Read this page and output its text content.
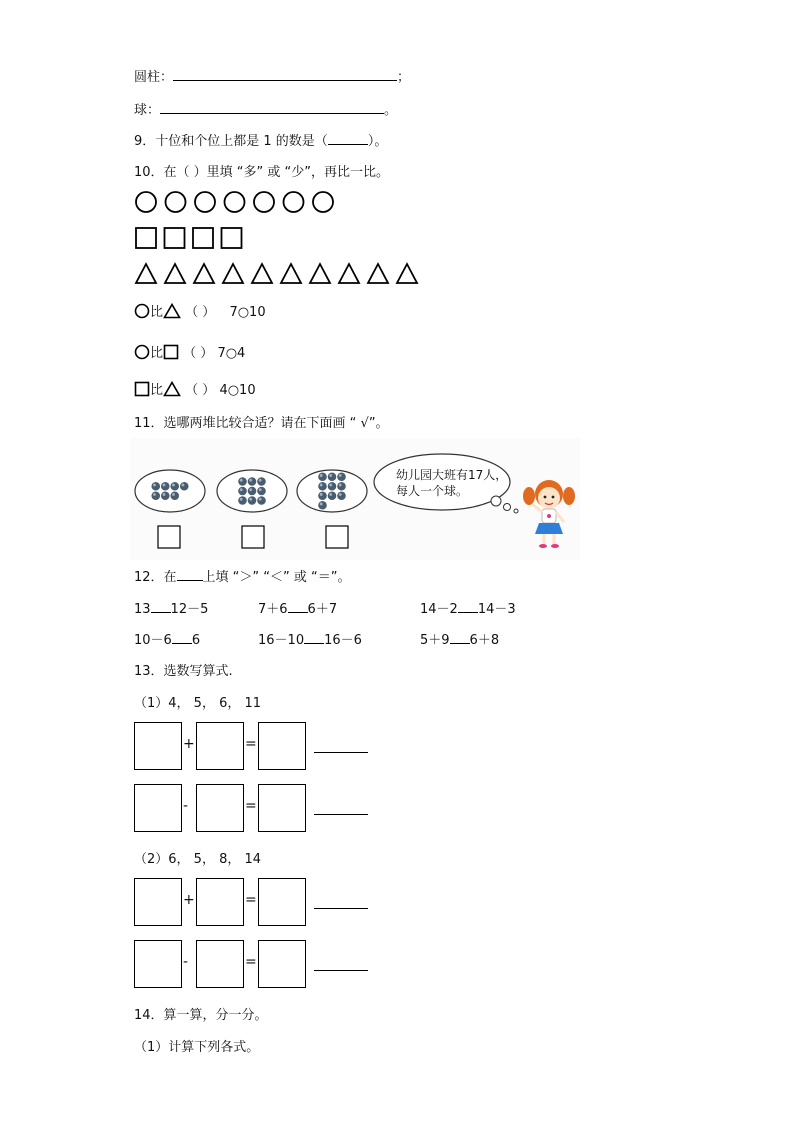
圆柱：	；
球：	。
9．十位和个位上都是 1 的数是（	）。
10．在（ ）里填 “多” 或 “少”，再比一比。
比 （ ） 7○10
比 （ ） 7○4
比 （ ） 4○10
11．选哪两堆比较合适？请在下面画 “ √”。
幼儿园大班有17人，
每人一个球。
12．在 上填 “＞” “＜” 或 “＝”。
13 12－5	7＋6 6＋7	14－2 14－3
10－6 6	16－10 16－6	5＋9 6＋8
13．选数写算式.
（1）4， 5， 6， 11
+	=
-	=
（2）6， 5， 8， 14
+	=
-	=
14．算一算，分一分。
（1）计算下列各式。
